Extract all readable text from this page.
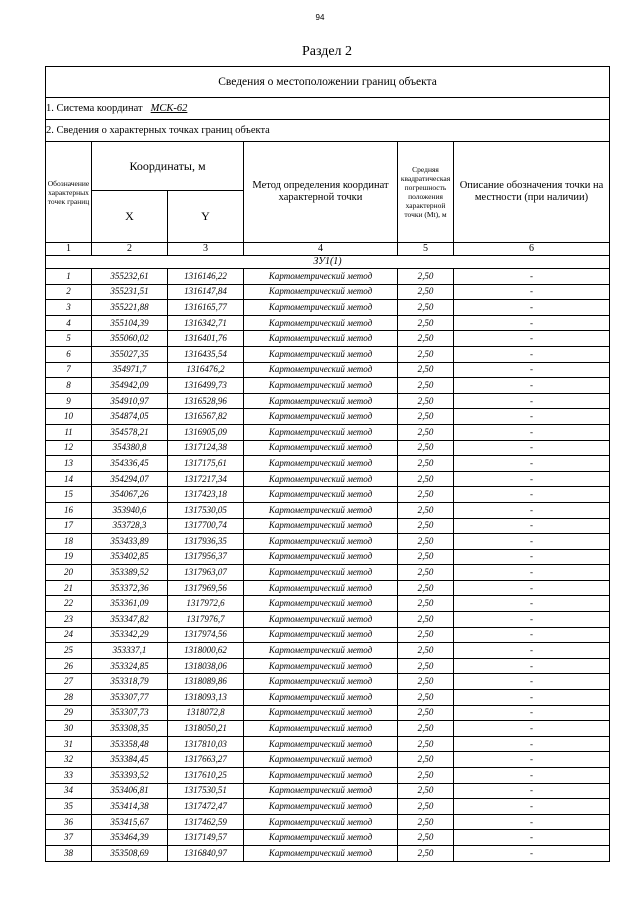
94
Раздел 2
Сведения о местоположении границ объекта					
1. Система координат МСК-62					
2. Сведения о характерных точках границ объекта					
Обозначение характерных точек границ	Координаты, м		Метод определения координат характерной точки	Средняя квадратическая погрешность положения характерной точки (Mt), м	Описание обозначения точки на местности (при наличии)
	X	Y			
1	2	3	4	5	6
ЗУ1(1)					
1	355232,61	1316146,22	Картометрический метод	2,50	-
2	355231,51	1316147,84	Картометрический метод	2,50	-
3	355221,88	1316165,77	Картометрический метод	2,50	-
4	355104,39	1316342,71	Картометрический метод	2,50	-
5	355060,02	1316401,76	Картометрический метод	2,50	-
6	355027,35	1316435,54	Картометрический метод	2,50	-
7	354971,7	1316476,2	Картометрический метод	2,50	-
8	354942,09	1316499,73	Картометрический метод	2,50	-
9	354910,97	1316528,96	Картометрический метод	2,50	-
10	354874,05	1316567,82	Картометрический метод	2,50	-
11	354578,21	1316905,09	Картометрический метод	2,50	-
12	354380,8	1317124,38	Картометрический метод	2,50	-
13	354336,45	1317175,61	Картометрический метод	2,50	-
14	354294,07	1317217,34	Картометрический метод	2,50	-
15	354067,26	1317423,18	Картометрический метод	2,50	-
16	353940,6	1317530,05	Картометрический метод	2,50	-
17	353728,3	1317700,74	Картометрический метод	2,50	-
18	353433,89	1317936,35	Картометрический метод	2,50	-
19	353402,85	1317956,37	Картометрический метод	2,50	-
20	353389,52	1317963,07	Картометрический метод	2,50	-
21	353372,36	1317969,56	Картометрический метод	2,50	-
22	353361,09	1317972,6	Картометрический метод	2,50	-
23	353347,82	1317976,7	Картометрический метод	2,50	-
24	353342,29	1317974,56	Картометрический метод	2,50	-
25	353337,1	1318000,62	Картометрический метод	2,50	-
26	353324,85	1318038,06	Картометрический метод	2,50	-
27	353318,79	1318089,86	Картометрический метод	2,50	-
28	353307,77	1318093,13	Картометрический метод	2,50	-
29	353307,73	1318072,8	Картометрический метод	2,50	-
30	353308,35	1318050,21	Картометрический метод	2,50	-
31	353358,48	1317810,03	Картометрический метод	2,50	-
32	353384,45	1317663,27	Картометрический метод	2,50	-
33	353393,52	1317610,25	Картометрический метод	2,50	-
34	353406,81	1317530,51	Картометрический метод	2,50	-
35	353414,38	1317472,47	Картометрический метод	2,50	-
36	353415,67	1317462,59	Картометрический метод	2,50	-
37	353464,39	1317149,57	Картометрический метод	2,50	-
38	353508,69	1316840,97	Картометрический метод	2,50	-
